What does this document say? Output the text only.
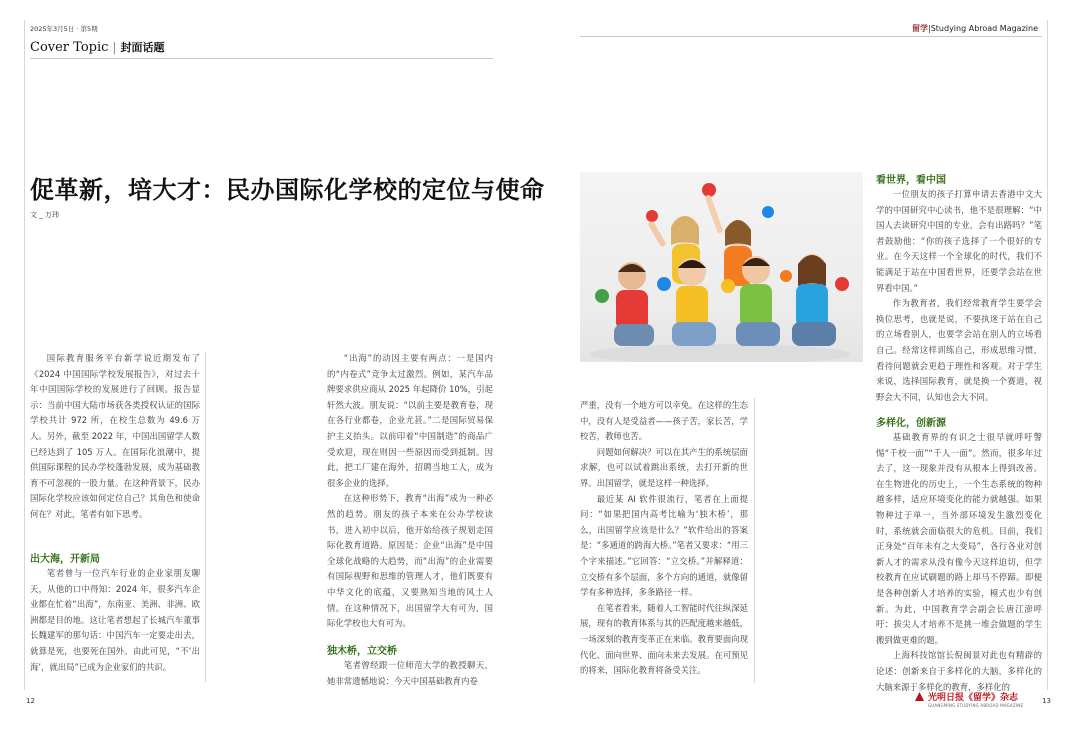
2025年3月5日 · 第5期
Cover Topic | 封面话题
留学|Studying Abroad Magazine
促革新，培大才：民办国际化学校的定位与使命
文 _ 万玮

国际教育服务平台新学说近期发布了《2024 中国国际学校发展报告》，对过去十年中国国际学校的发展进行了回顾。报告显示：当前中国大陆市场获各类授权认证的国际学校共计 972 所，在校生总数为 49.6 万人。另外，截至 2022 年，中国出国留学人数已经达到了 105 万人。在国际化浪潮中，提供国际课程的民办学校蓬勃发展，成为基础教育不可忽视的一股力量。在这种背景下，民办国际化学校应该如何定位自己？其角色和使命何在？对此，笔者有如下思考。

出大海，开新局

笔者曾与一位汽车行业的企业家朋友聊天，从他的口中得知：2024 年，很多汽车企业都在忙着“出海”，东南亚、美洲、非洲、欧洲都是目的地。这让笔者想起了长城汽车董事长魏建军的那句话：中国汽车一定要走出去，就算是死，也要死在国外。由此可见，“不‘出海’，就出局”已成为企业家们的共识。

“出海”的动因主要有两点：一是国内的“内卷式”竞争太过激烈。例如，某汽车品牌要求供应商从 2025 年起降价 10%，引起轩然大波。朋友说：“以前主要是教育卷，现在各行业都卷，企业尤甚。”二是国际贸易保护主义抬头。以前印着“中国制造”的商品广受欢迎，现在则因一些原因而受到抵制。因此，把工厂建在海外，招聘当地工人，成为很多企业的选择。

在这种形势下，教育“出海”成为一种必然的趋势。朋友的孩子本来在公办学校读书，进入初中以后，他开始给孩子规划走国际化教育道路。原因是：企业“出海”是中国全球化战略的大趋势，而“出海”的企业需要有国际视野和思维的管理人才，他们既要有中华文化的底蕴，又要熟知当地的风土人情。在这种情况下，出国留学大有可为，国际化学校也大有可为。

独木桥，立交桥

笔者曾经跟一位师范大学的教授聊天，她非常遗憾地说：今天中国基础教育内卷

严重，没有一个地方可以幸免。在这样的生态中，没有人是受益者——孩子苦，家长苦，学校苦，教师也苦。

问题如何解决？可以在其产生的系统层面求解，也可以试着跳出系统，去打开新的世界。出国留学，就是这样一种选择。

最近某 AI 软件很流行，笔者在上面提问：“如果把国内高考比喻为‘独木桥’，那么，出国留学应该是什么？”软件给出的答案是：“多通道的跨海大桥。”笔者又要求：“用三个字来描述。”它回答：“立交桥。”并解释道：立交桥有多个层面，多个方向的通道，就像留学有多种选择，多条路径一样。

在笔者看来，随着人工智能时代往纵深延展，现有的教育体系与其的匹配度越来越低，一场深刻的教育变革正在来临。教育要面向现代化、面向世界、面向未来去发展。在可预见的将来，国际化教育将备受关注。

看世界，看中国

一位朋友的孩子打算申请去香港中文大学的中国研究中心读书，他不是很理解：“中国人去读研究中国的专业，会有出路吗？”笔者鼓励他：“你的孩子选择了一个很好的专业。在今天这样一个全球化的时代，我们不能满足于站在中国看世界，还要学会站在世界看中国。”

作为教育者，我们经常教育学生要学会换位思考，也就是说，不要执迷于站在自己的立场看别人，也要学会站在别人的立场看自己。经常这样训练自己，形成思维习惯，看待问题就会更趋于理性和客观。对于学生来说，选择国际教育，就是换一个赛道，视野会大不同，认知也会大不同。

多样化，创新源

基础教育界的有识之士很早就呼吁警惕“千校一面”“千人一面”。然而，很多年过去了，这一现象并没有从根本上得到改善。在生物进化的历史上，一个生态系统的物种越多样，适应环境变化的能力就越强。如果物种过于单一，当外部环境发生激烈变化时，系统就会面临很大的危机。目前，我们正身处“百年未有之大变局”，各行各业对创新人才的需求从没有像今天这样迫切，但学校教育在应试刷题的路上却马不停蹄。即便是各种创新人才培养的实验，模式也少有创新。为此，中国教育学会副会长唐江澎呼吁：拔尖人才培养不是挑一堆会做题的学生搬到做更难的题。

上海科技馆馆长倪闽景对此也有精辟的论述：创新来自于多样化的大脑，多样化的大脑来源于多样化的教育，多样化的

12	13
光明日报《留学》杂志
GUANGMING STUDYING ABROAD MAGAZINE
